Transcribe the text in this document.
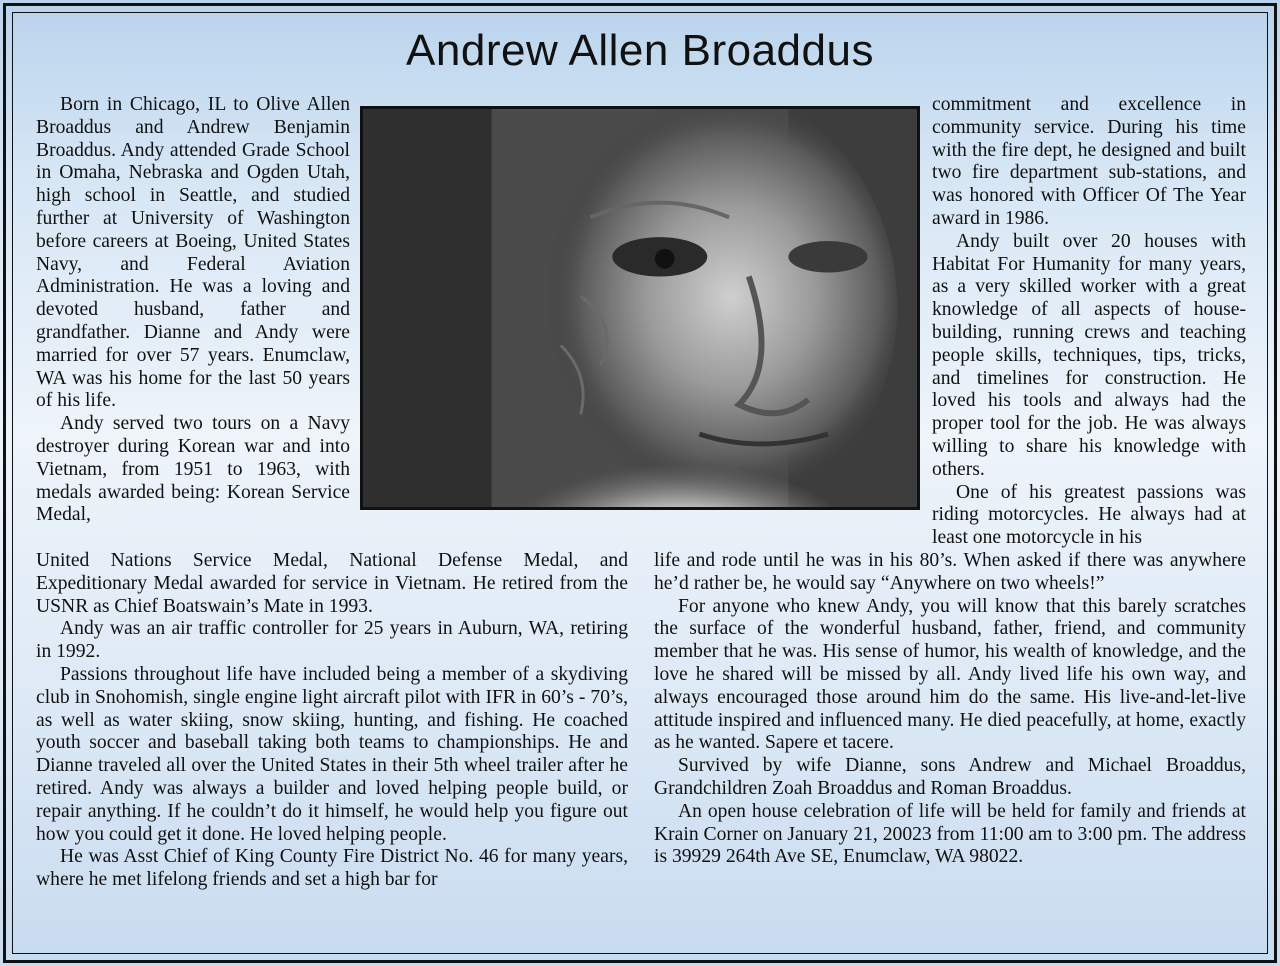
Andrew Allen Broaddus

Born in Chicago, IL to Olive Allen Broaddus and Andrew Benjamin Broaddus. Andy attended Grade School in Omaha, Nebraska and Ogden Utah, high school in Seattle, and studied further at University of Washington before careers at Boeing, United States Navy, and Federal Aviation Administration. He was a loving and devoted husband, father and grandfather. Dianne and Andy were married for over 57 years. Enumclaw, WA was his home for the last 50 years of his life.

Andy served two tours on a Navy destroyer during Korean war and into Vietnam, from 1951 to 1963, with medals awarded being: Korean Service Medal,

commitment and excellence in community service. During his time with the fire dept, he designed and built two fire department sub-stations, and was honored with Officer Of The Year award in 1986.

Andy built over 20 houses with Habitat For Humanity for many years, as a very skilled worker with a great knowledge of all aspects of house-building, running crews and teaching people skills, techniques, tips, tricks, and timelines for construction. He loved his tools and always had the proper tool for the job. He was always willing to share his knowledge with others.

One of his greatest passions was riding motorcycles. He always had at least one motorcycle in his

United Nations Service Medal, National Defense Medal, and Expeditionary Medal awarded for service in Vietnam. He retired from the USNR as Chief Boatswain’s Mate in 1993.

Andy was an air traffic controller for 25 years in Auburn, WA, retiring in 1992.

Passions throughout life have included being a member of a skydiving club in Snohomish, single engine light aircraft pilot with IFR in 60’s - 70’s, as well as water skiing, snow skiing, hunting, and fishing. He coached youth soccer and baseball taking both teams to championships. He and Dianne traveled all over the United States in their 5th wheel trailer after he retired. Andy was always a builder and loved helping people build, or repair anything. If he couldn’t do it himself, he would help you figure out how you could get it done. He loved helping people.

He was Asst Chief of King County Fire District No. 46 for many years, where he met lifelong friends and set a high bar for

life and rode until he was in his 80’s. When asked if there was anywhere he’d rather be, he would say “Anywhere on two wheels!”

For anyone who knew Andy, you will know that this barely scratches the surface of the wonderful husband, father, friend, and community member that he was. His sense of humor, his wealth of knowledge, and the love he shared will be missed by all. Andy lived life his own way, and always encouraged those around him do the same. His live-and-let-live attitude inspired and influenced many. He died peacefully, at home, exactly as he wanted. Sapere et tacere.

Survived by wife Dianne, sons Andrew and Michael Broaddus, Grandchildren Zoah Broaddus and Roman Broaddus.

An open house celebration of life will be held for family and friends at Krain Corner on January 21, 20023 from 11:00 am to 3:00 pm. The address is 39929 264th Ave SE, Enumclaw, WA 98022.
